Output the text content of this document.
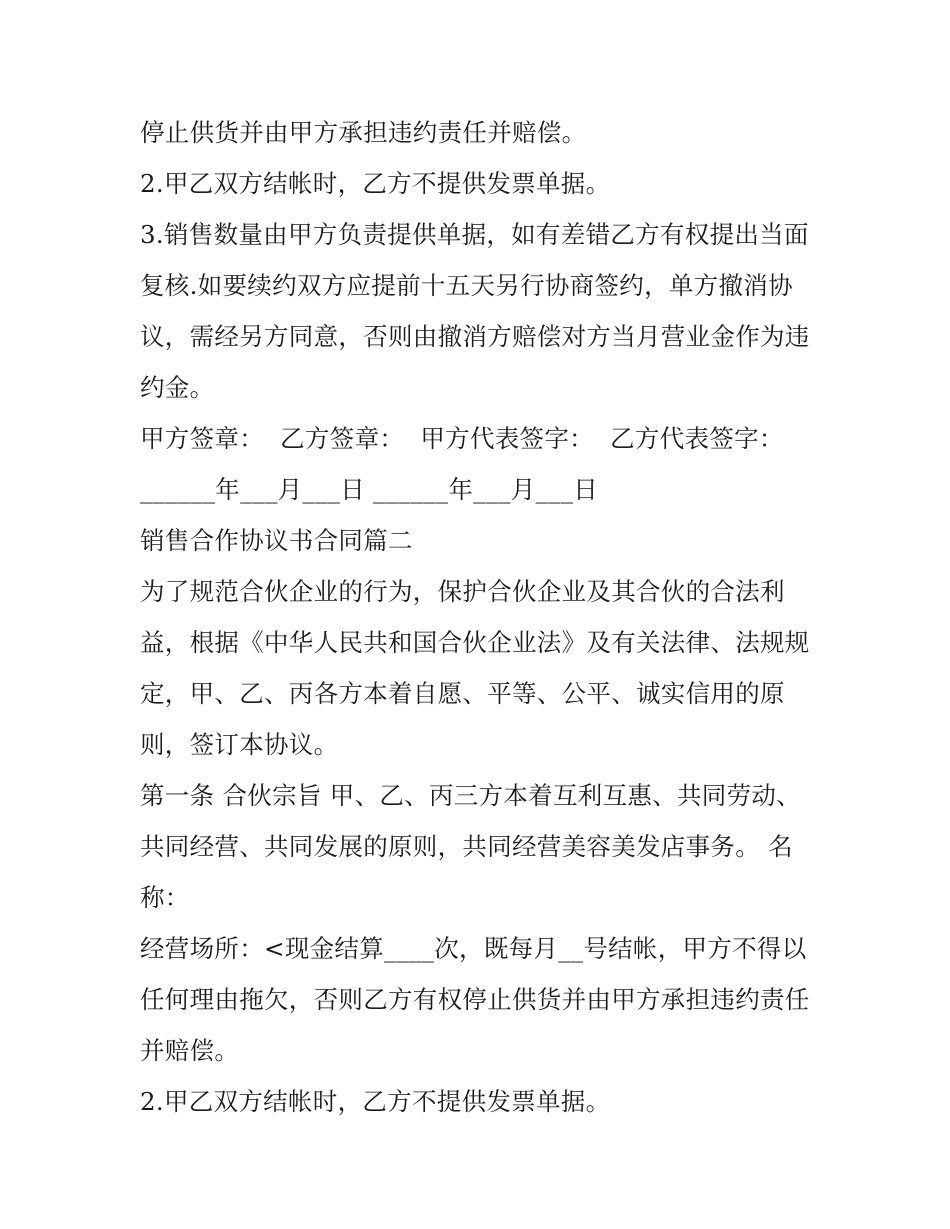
停止供货并由甲方承担违约责任并赔偿。
2.甲乙双方结帐时，乙方不提供发票单据。
3.销售数量由甲方负责提供单据，如有差错乙方有权提出当面
复核.如要续约双方应提前十五天另行协商签约，单方撤消协
议，需经另方同意，否则由撤消方赔偿对方当月营业金作为违
约金。
甲方签章：  乙方签章：  甲方代表签字：  乙方代表签字：
______年___月___日 ______年___月___日
销售合作协议书合同篇二
为了规范合伙企业的行为，保护合伙企业及其合伙的合法利
益，根据《中华人民共和国合伙企业法》及有关法律、法规规
定，甲、乙、丙各方本着自愿、平等、公平、诚实信用的原
则，签订本协议。
第一条 合伙宗旨 甲、乙、丙三方本着互利互惠、共同劳动、
共同经营、共同发展的原则，共同经营美容美发店事务。 名
称：
经营场所：<现金结算____次，既每月__号结帐，甲方不得以
任何理由拖欠，否则乙方有权停止供货并由甲方承担违约责任
并赔偿。
2.甲乙双方结帐时，乙方不提供发票单据。
